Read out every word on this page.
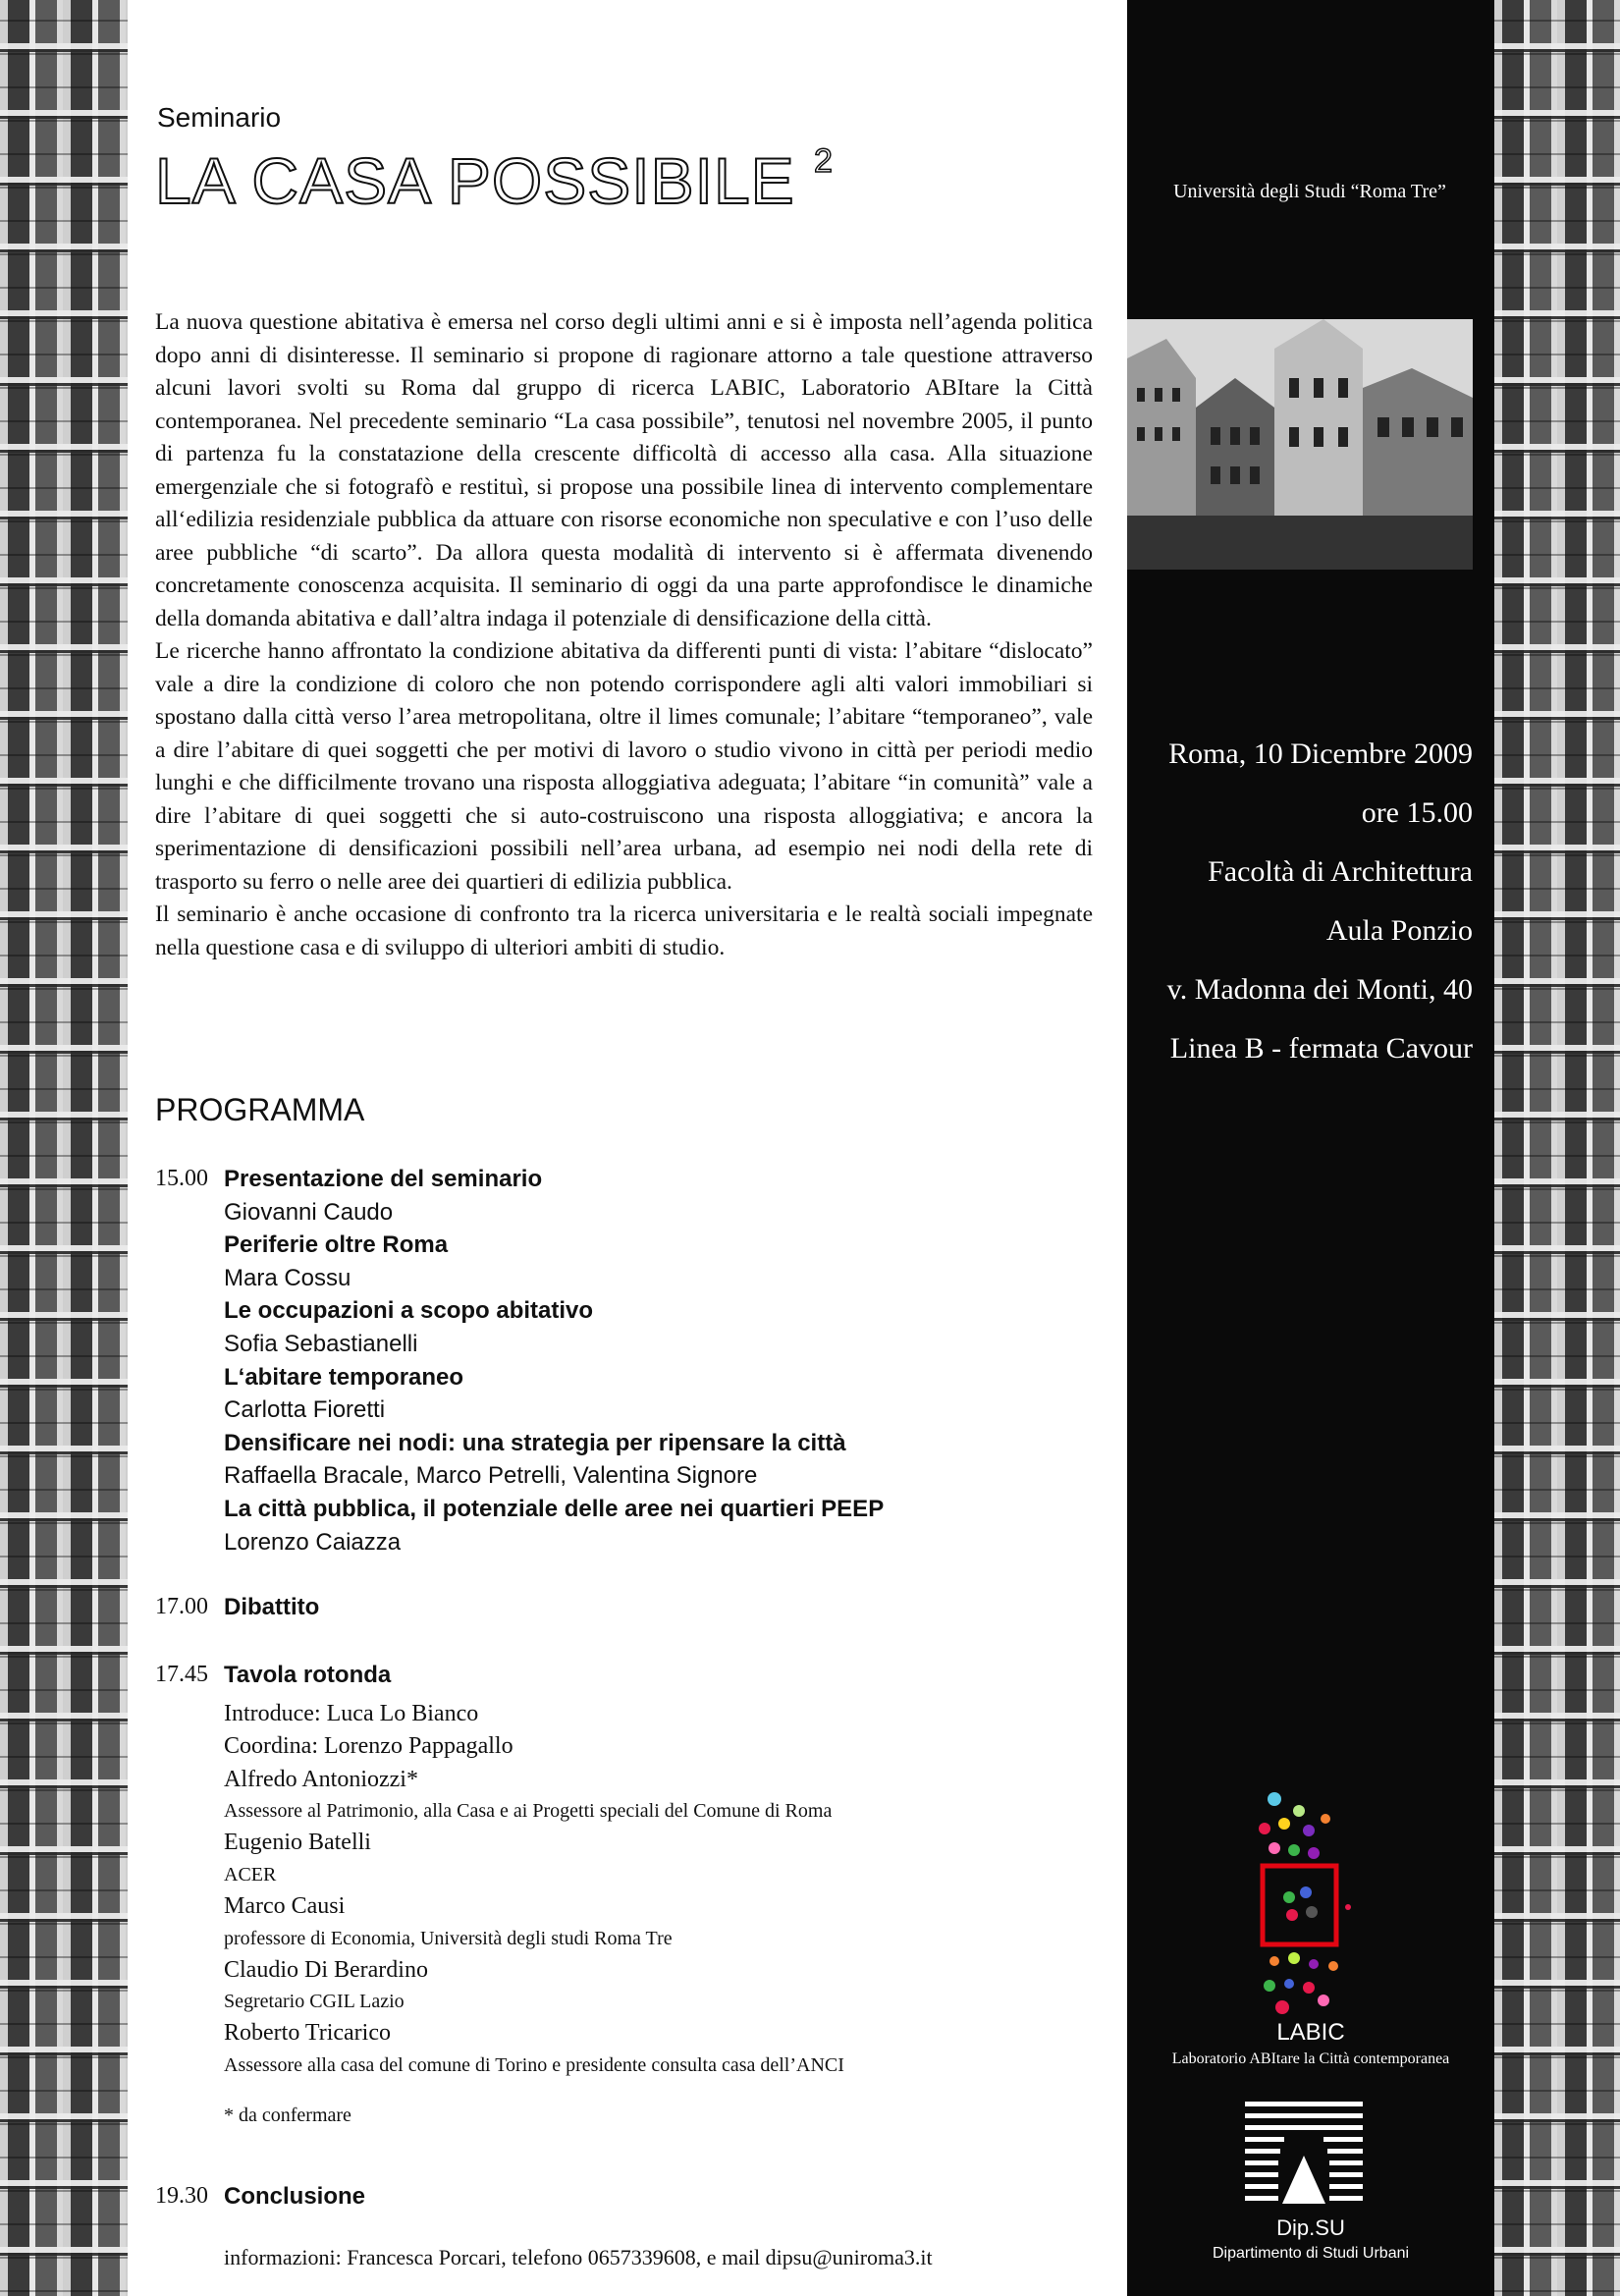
Seminario
LA CASA POSSIBILE $^2$

La nuova questione abitativa è emersa nel corso degli ultimi anni e si è imposta nell’agenda politica dopo anni di disinteresse. Il seminario si propone di ragionare attorno a tale questione attraverso alcuni lavori svolti su Roma dal gruppo di ricerca LABIC, Laboratorio ABItare la Città contemporanea. Nel precedente seminario “La casa possibile”, tenutosi nel novembre 2005, il punto di partenza fu la constatazione della crescente difficoltà di accesso alla casa. Alla situazione emergenziale che si fotografò e restituì, si propose una possibile linea di intervento complementare all‘edilizia residenziale pubblica da attuare con risorse economiche non speculative e con l’uso delle aree pubbliche “di scarto”. Da allora questa modalità di intervento si è affermata divenendo concretamente conoscenza acquisita. Il seminario di oggi da una parte approfondisce le dinamiche della domanda abitativa e dall’altra indaga il potenziale di densificazione della città.

Le ricerche hanno affrontato la condizione abitativa da differenti punti di vista: l’abitare “dislocato” vale a dire la condizione di coloro che non potendo corrispondere agli alti valori immobiliari si spostano dalla città verso l’area metropolitana, oltre il limes comunale; l’abitare “temporaneo”, vale a dire l’abitare di quei soggetti che per motivi di lavoro o studio vivono in città per periodi medio lunghi e che difficilmente trovano una risposta alloggiativa adeguata; l’abitare “in comunità” vale a dire l’abitare di quei soggetti che si auto-costruiscono una risposta alloggiativa; e ancora la sperimentazione di densificazioni possibili nell’area urbana, ad esempio nei nodi della rete di trasporto su ferro o nelle aree dei quartieri di edilizia pubblica.

Il seminario è anche occasione di confronto tra la ricerca universitaria e le realtà sociali impegnate nella questione casa e di sviluppo di ulteriori ambiti di studio.

PROGRAMMA
15.00 Presentazione del seminario
Giovanni Caudo
Periferie oltre Roma
Mara Cossu
Le occupazioni a scopo abitativo
Sofia Sebastianelli
L‘abitare temporaneo
Carlotta Fioretti
Densificare nei nodi: una strategia per ripensare la città
Raffaella Bracale, Marco Petrelli, Valentina Signore
La città pubblica, il potenziale delle aree nei quartieri PEEP
Lorenzo Caiazza
17.00 Dibattito
17.45 Tavola rotonda
Introduce: Luca Lo Bianco
Coordina: Lorenzo Pappagallo
Alfredo Antoniozzi*
Assessore al Patrimonio, alla Casa e ai Progetti speciali del Comune di Roma
Eugenio Batelli
ACER
Marco Causi
professore di Economia, Università degli studi Roma Tre
Claudio Di Berardino
Segretario CGIL Lazio
Roberto Tricarico
Assessore alla casa del comune di Torino e presidente consulta casa dell’ANCI
* da confermare
19.30 Conclusione
informazioni: Francesca Porcari, telefono 0657339608, e mail dipsu@uniroma3.it
Università degli Studi “Roma Tre”
Roma, 10 Dicembre 2009
ore 15.00
Facoltà di Architettura
Aula Ponzio
v. Madonna dei Monti, 40
Linea B - fermata Cavour
LABIC
Laboratorio ABItare la Città contemporanea
Dip.SU
Dipartimento di Studi Urbani
